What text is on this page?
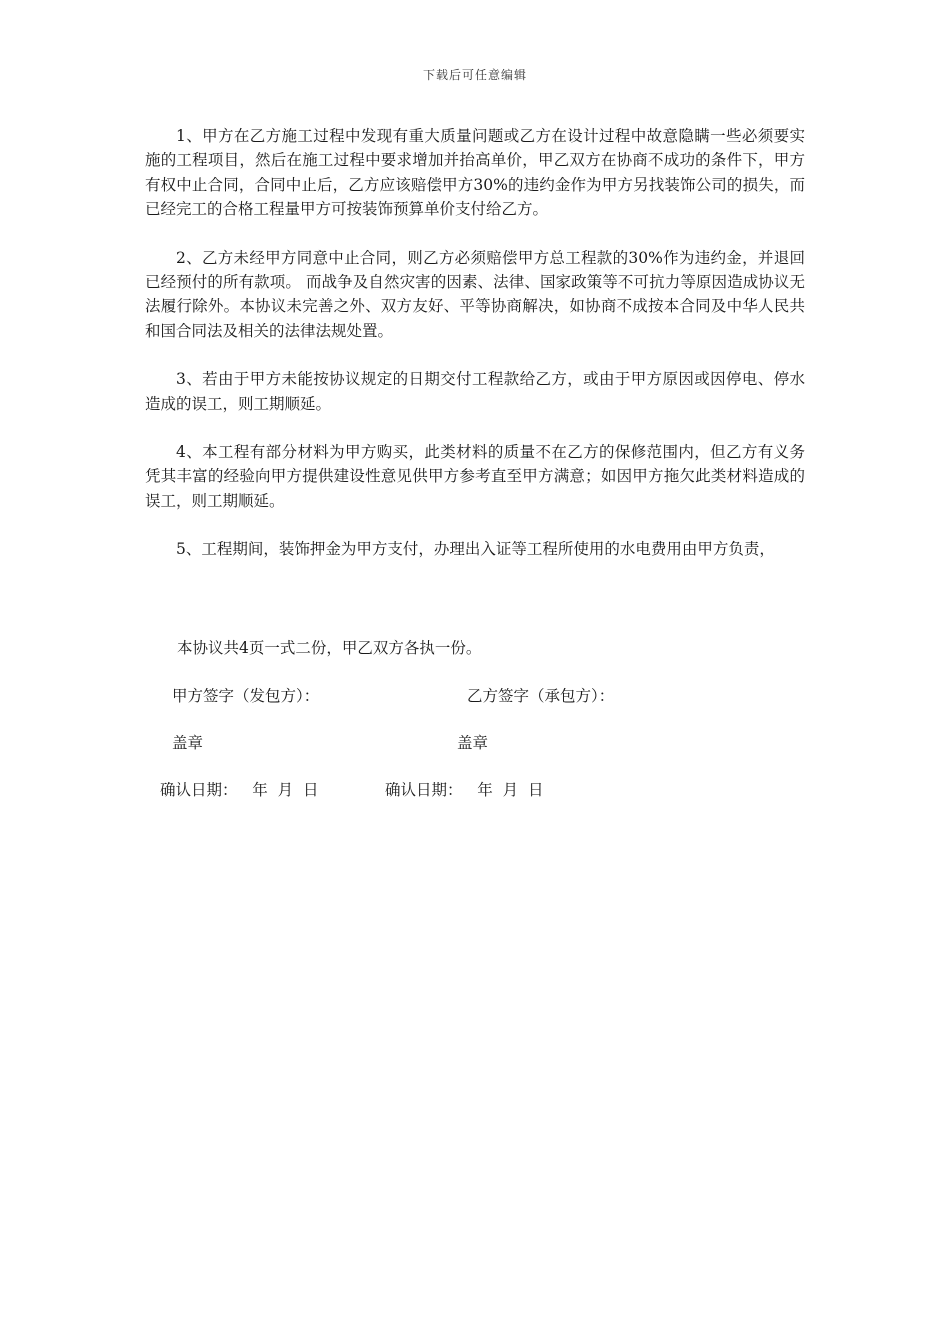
下载后可任意编辑

1、甲方在乙方施工过程中发现有重大质量问题或乙方在设计过程中故意隐瞒一些必须要实施的工程项目，然后在施工过程中要求增加并抬高单价，甲乙双方在协商不成功的条件下，甲方有权中止合同，合同中止后，乙方应该赔偿甲方30%的违约金作为甲方另找装饰公司的损失，而已经完工的合格工程量甲方可按装饰预算单价支付给乙方。

2、乙方未经甲方同意中止合同，则乙方必须赔偿甲方总工程款的30%作为违约金，并退回已经预付的所有款项。 而战争及自然灾害的因素、法律、国家政策等不可抗力等原因造成协议无法履行除外。本协议未完善之外、双方友好、平等协商解决，如协商不成按本合同及中华人民共和国合同法及相关的法律法规处置。

3、若由于甲方未能按协议规定的日期交付工程款给乙方，或由于甲方原因或因停电、停水造成的误工，则工期顺延。

4、本工程有部分材料为甲方购买，此类材料的质量不在乙方的保修范围内，但乙方有义务凭其丰富的经验向甲方提供建设性意见供甲方参考直至甲方满意；如因甲方拖欠此类材料造成的误工，则工期顺延。

5、工程期间，装饰押金为甲方支付，办理出入证等工程所使用的水电费用由甲方负责，

本协议共4页一式二份，甲乙双方各执一份。
甲方签字（发包方）：	乙方签字（承包方）：
盖章	盖章
确认日期：   年  月  日	确认日期：   年  月  日
